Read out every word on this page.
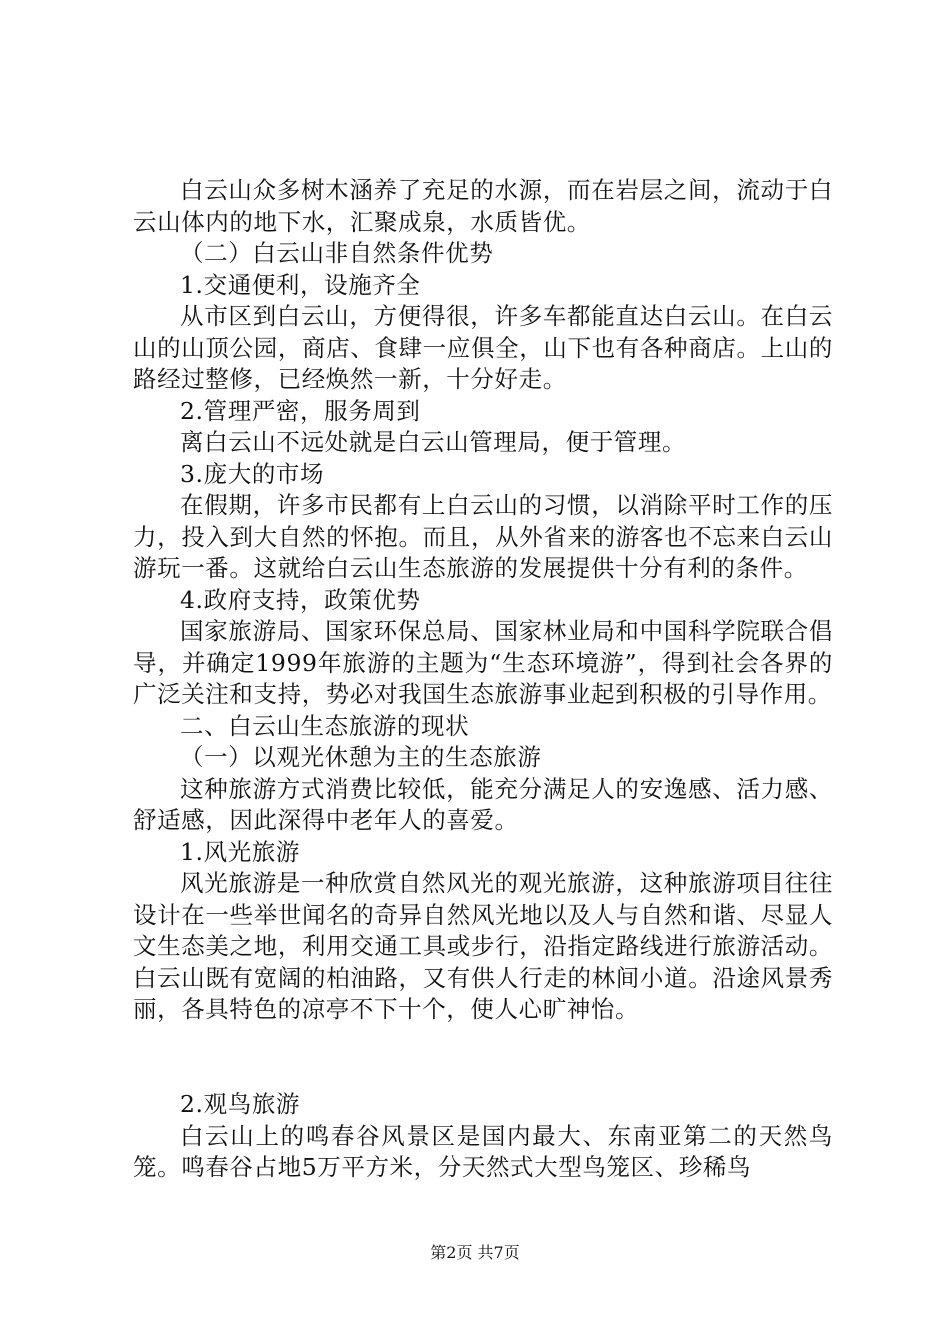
白云山众多树木涵养了充足的水源，而在岩层之间，流动于白云山体内的地下水，汇聚成泉，水质皆优。

（二）白云山非自然条件优势

1.交通便利，设施齐全

从市区到白云山，方便得很，许多车都能直达白云山。在白云山的山顶公园，商店、食肆一应俱全，山下也有各种商店。上山的路经过整修，已经焕然一新，十分好走。

2.管理严密，服务周到

离白云山不远处就是白云山管理局，便于管理。

3.庞大的市场

在假期，许多市民都有上白云山的习惯，以消除平时工作的压力，投入到大自然的怀抱。而且，从外省来的游客也不忘来白云山游玩一番。这就给白云山生态旅游的发展提供十分有利的条件。

4.政府支持，政策优势

国家旅游局、国家环保总局、国家林业局和中国科学院联合倡导，并确定1999年旅游的主题为“生态环境游”，得到社会各界的广泛关注和支持，势必对我国生态旅游事业起到积极的引导作用。

二、白云山生态旅游的现状

（一）以观光休憩为主的生态旅游

这种旅游方式消费比较低，能充分满足人的安逸感、活力感、舒适感，因此深得中老年人的喜爱。

1.风光旅游

风光旅游是一种欣赏自然风光的观光旅游，这种旅游项目往往设计在一些举世闻名的奇异自然风光地以及人与自然和谐、尽显人文生态美之地，利用交通工具或步行，沿指定路线进行旅游活动。白云山既有宽阔的柏油路，又有供人行走的林间小道。沿途风景秀丽，各具特色的凉亭不下十个，使人心旷神怡。

2.观鸟旅游

白云山上的鸣春谷风景区是国内最大、东南亚第二的天然鸟笼。鸣春谷占地5万平方米，分天然式大型鸟笼区、珍稀鸟

第2页 共7页
